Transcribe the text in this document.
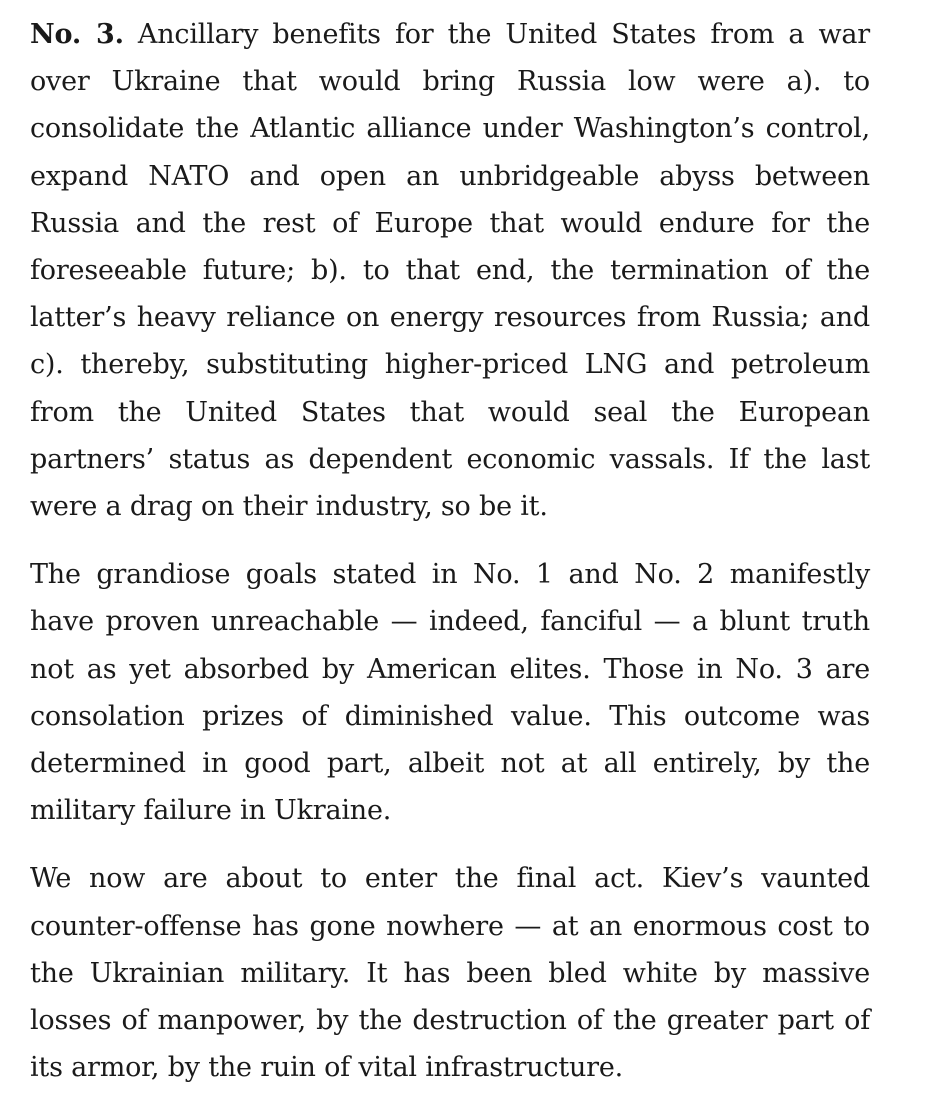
No. 3. Ancillary benefits for the United States from a war over Ukraine that would bring Russia low were a). to consolidate the Atlantic alliance under Washington’s control, expand NATO and open an unbridgeable abyss between Russia and the rest of Europe that would endure for the foreseeable future; b). to that end, the termination of the latter’s heavy reliance on energy resources from Russia; and c). thereby, substituting higher-priced LNG and petroleum from the United States that would seal the European partners’ status as dependent economic vassals. If the last were a drag on their industry, so be it.

The grandiose goals stated in No. 1 and No. 2 manifestly have proven unreachable — indeed, fanciful — a blunt truth not as yet absorbed by American elites. Those in No. 3 are consolation prizes of diminished value. This outcome was determined in good part, albeit not at all entirely, by the military failure in Ukraine.

We now are about to enter the final act. Kiev’s vaunted counter-offense has gone nowhere — at an enormous cost to the Ukrainian military. It has been bled white by massive losses of manpower, by the destruction of the greater part of its armor, by the ruin of vital infrastructure.
